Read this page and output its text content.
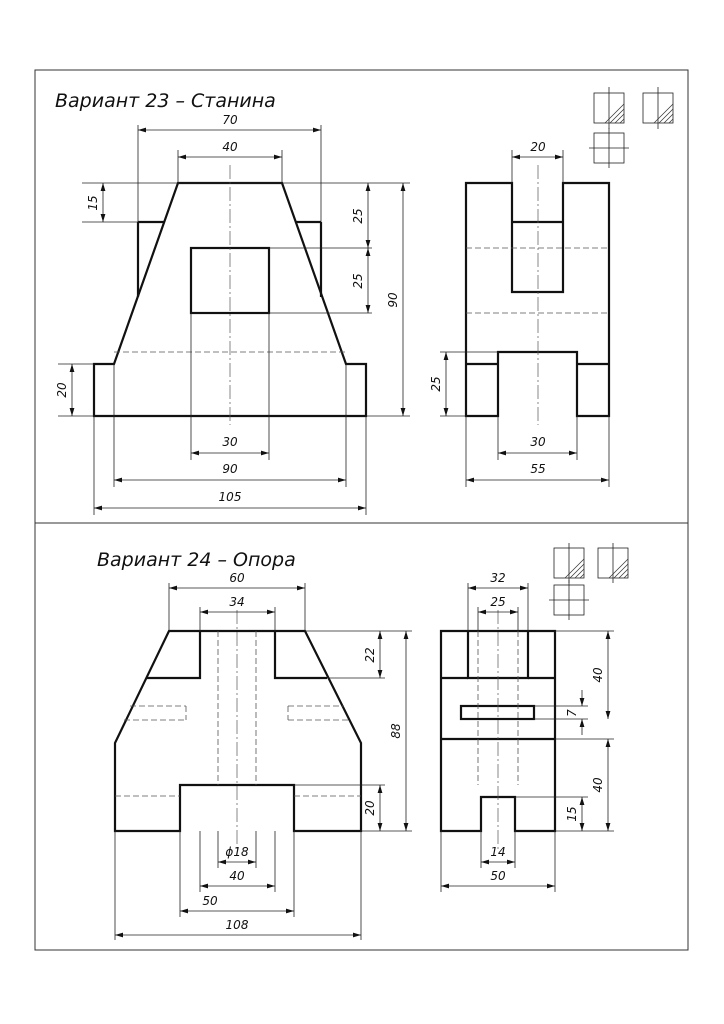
Вариант 23 – Станина
70
40
15
25
25
90
20
30
90
105
20
25
30
55
Вариант 24 – Опора
60
34
22
88
20
ϕ18
40
50
108
32
25
40
7
40
15
14
50
